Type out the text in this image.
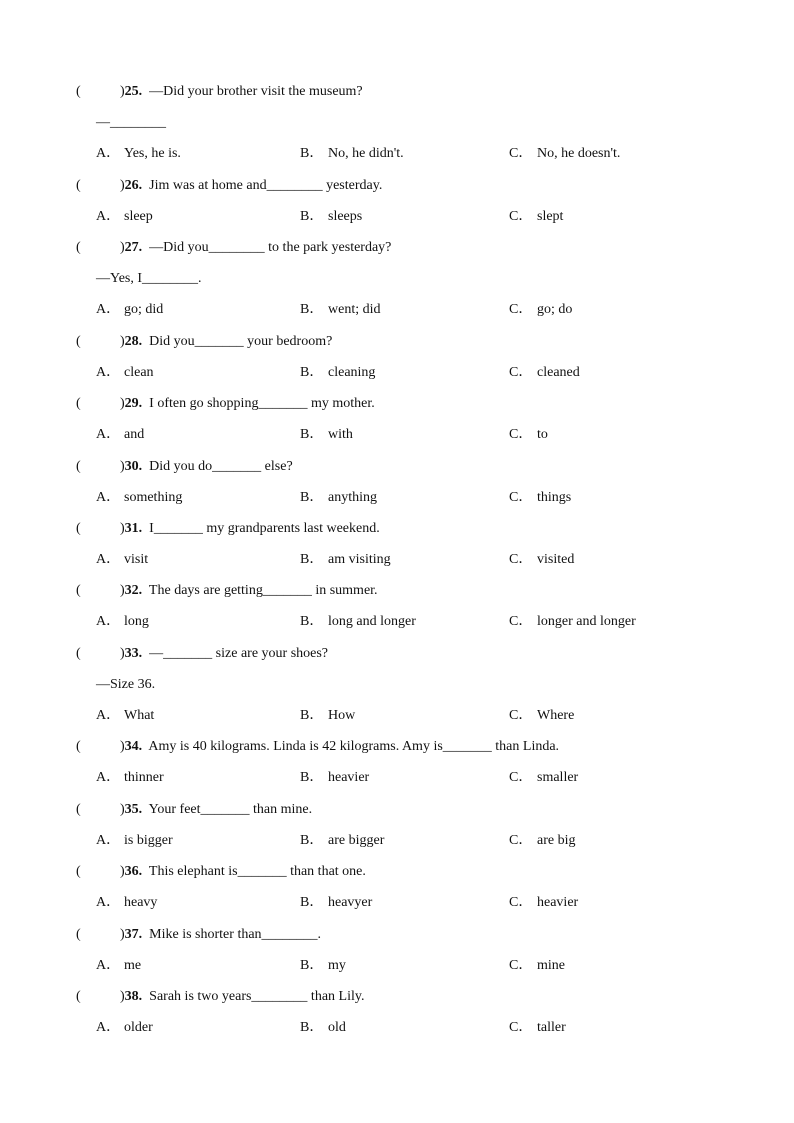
(	)25. —Did your brother visit the museum?
—________
A． Yes, he is.	B． No, he didn't.	C． No, he doesn't.
(	)26. Jim was at home and________ yesterday.
A． sleep	B． sleeps	C． slept
(	)27. —Did you________ to the park yesterday?
—Yes, I________.
A． go; did	B． went; did	C． go; do
(	)28. Did you_______ your bedroom?
A． clean	B． cleaning	C． cleaned
(	)29. I often go shopping_______ my mother.
A． and	B． with	C． to
(	)30. Did you do_______ else?
A． something	B． anything	C． things
(	)31. I_______ my grandparents last weekend.
A． visit	B． am visiting	C． visited
(	)32. The days are getting_______ in summer.
A． long	B． long and longer	C． longer and longer
(	)33. —_______ size are your shoes?
—Size 36.
A． What	B． How	C． Where
(	)34. Amy is 40 kilograms. Linda is 42 kilograms. Amy is_______ than Linda.
A． thinner	B． heavier	C． smaller
(	)35. Your feet_______ than mine.
A． is bigger	B． are bigger	C． are big
(	)36. This elephant is_______ than that one.
A． heavy	B． heavyer	C． heavier
(	)37. Mike is shorter than________.
A． me	B． my	C． mine
(	)38. Sarah is two years________ than Lily.
A． older	B． old	C． taller
